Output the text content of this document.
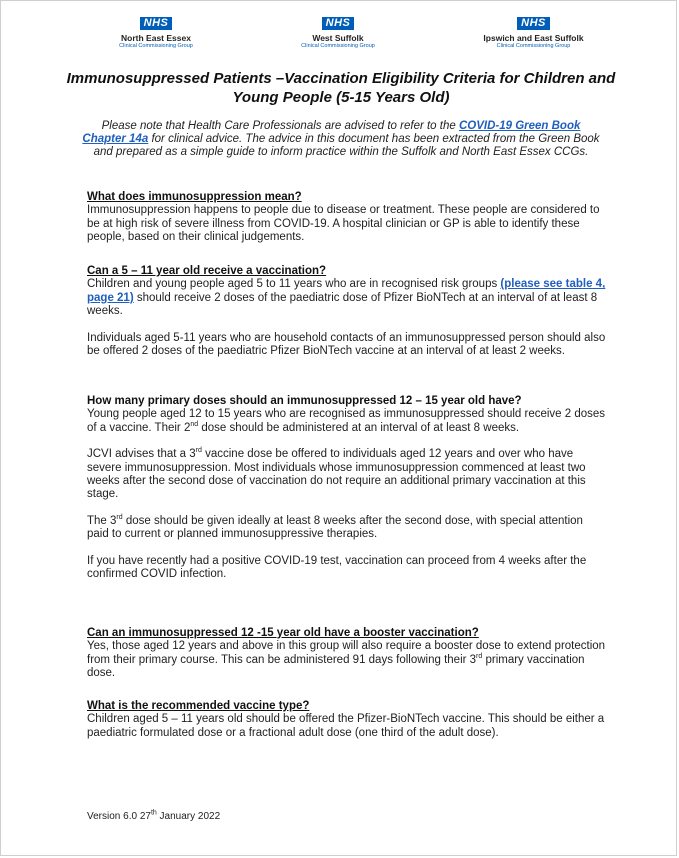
NHS
North East Essex
Clinical Commissioning Group
NHS
West Suffolk
Clinical Commissioning Group
NHS
Ipswich and East Suffolk
Clinical Commissioning Group
Immunosuppressed Patients –Vaccination Eligibility Criteria for Children and Young People (5-15 Years Old)
Please note that Health Care Professionals are advised to refer to the COVID-19 Green Book Chapter 14a for clinical advice. The advice in this document has been extracted from the Green Book and prepared as a simple guide to inform practice within the Suffolk and North East Essex CCGs.
What does immunosuppression mean?

Immunosuppression happens to people due to disease or treatment. These people are considered to be at high risk of severe illness from COVID-19. A hospital clinician or GP is able to identify these people, based on their clinical judgements.

Can a 5 – 11 year old receive a vaccination?

Children and young people aged 5 to 11 years who are in recognised risk groups (please see table 4, page 21) should receive 2 doses of the paediatric dose of Pfizer BioNTech at an interval of at least 8 weeks.

Individuals aged 5-11 years who are household contacts of an immunosuppressed person should also be offered 2 doses of the paediatric Pfizer BioNTech vaccine at an interval of at least 2 weeks.

How many primary doses should an immunosuppressed 12 – 15 year old have?

Young people aged 12 to 15 years who are recognised as immunosuppressed should receive 2 doses of a vaccine. Their 2nd dose should be administered at an interval of at least 8 weeks.

JCVI advises that a 3rd vaccine dose be offered to individuals aged 12 years and over who have severe immunosuppression. Most individuals whose immunosuppression commenced at least two weeks after the second dose of vaccination do not require an additional primary vaccination at this stage.

The 3rd dose should be given ideally at least 8 weeks after the second dose, with special attention paid to current or planned immunosuppressive therapies.

If you have recently had a positive COVID-19 test, vaccination can proceed from 4 weeks after the confirmed COVID infection.

Can an immunosuppressed 12 -15 year old have a booster vaccination?

Yes, those aged 12 years and above in this group will also require a booster dose to extend protection from their primary course. This can be administered 91 days following their 3rd primary vaccination dose.

What is the recommended vaccine type?

Children aged 5 – 11 years old should be offered the Pfizer-BioNTech vaccine. This should be either a paediatric formulated dose or a fractional adult dose (one third of the adult dose).

Version 6.0 27th January 2022
